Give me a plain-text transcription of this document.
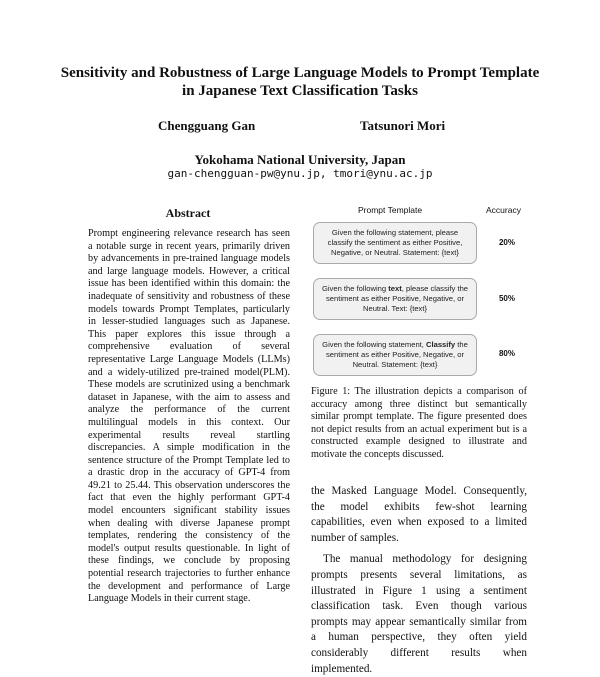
Sensitivity and Robustness of Large Language Models to Prompt Template
in Japanese Text Classification Tasks
Chengguang Gan	Tatsunori Mori
Yokohama National University, Japan
gan-chengguan-pw@ynu.jp, tmori@ynu.ac.jp
Abstract

Prompt engineering relevance research has seen a notable surge in recent years, primarily driven by advancements in pre-trained language models and large language models. However, a critical issue has been identified within this domain: the inadequate of sensitivity and robustness of these models towards Prompt Templates, particularly in lesser-studied languages such as Japanese. This paper explores this issue through a comprehensive evaluation of several representative Large Language Models (LLMs) and a widely-utilized pre-trained model(PLM). These models are scrutinized using a benchmark dataset in Japanese, with the aim to assess and analyze the performance of the current multilingual models in this context. Our experimental results reveal startling discrepancies. A simple modification in the sentence structure of the Prompt Template led to a drastic drop in the accuracy of GPT-4 from 49.21 to 25.44. This observation underscores the fact that even the highly performant GPT-4 model encounters significant stability issues when dealing with diverse Japanese prompt templates, rendering the consistency of the model's output results questionable. In light of these findings, we conclude by proposing potential research trajectories to further enhance the development and performance of Large Language Models in their current stage.

Prompt Template	Accuracy
Given the following statement, please classify the sentiment as either Positive, Negative, or Neutral. Statement: {text}
Given the following text, please classify the sentiment as either Positive, Negative, or Neutral. Text: {text}
Given the following statement, Classify the sentiment as either Positive, Negative, or Neutral. Statement: {text}
20%
50%
80%

Figure 1: The illustration depicts a comparison of accuracy among three distinct but semantically similar prompt template. The figure presented does not depict results from an actual experiment but is a constructed example designed to illustrate and motivate the concepts discussed.

the Masked Language Model. Consequently, the model exhibits few-shot learning capabilities, even when exposed to a limited number of samples.

The manual methodology for designing prompts presents several limitations, as illustrated in Figure 1 using a sentiment classification task. Even though various prompts may appear semantically similar from a human perspective, they often yield considerably different results when implemented.
